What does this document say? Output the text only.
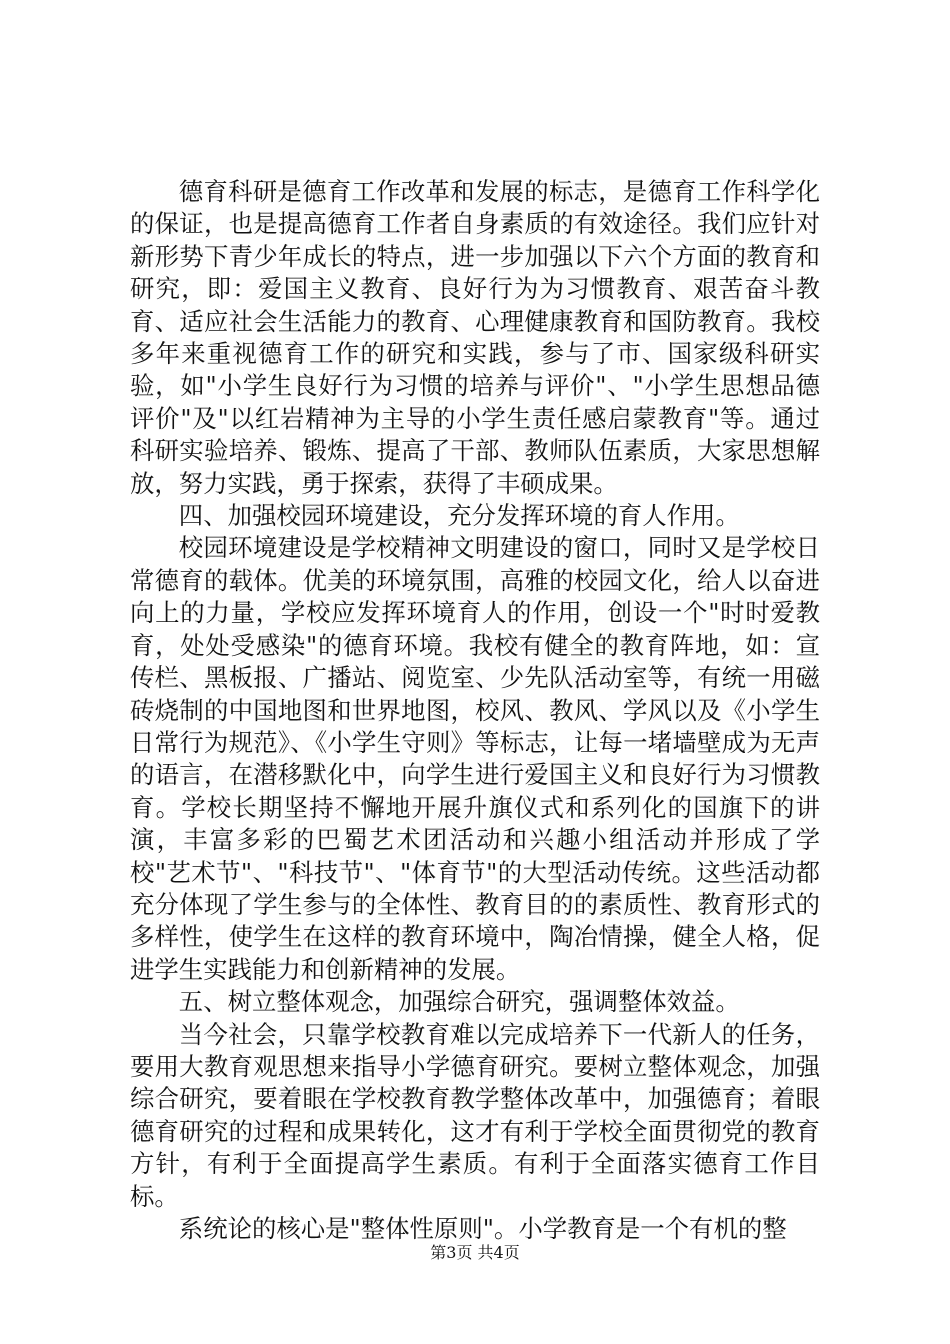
德育科研是德育工作改革和发展的标志，是德育工作科学化的保证，也是提高德育工作者自身素质的有效途径。我们应针对新形势下青少年成长的特点，进一步加强以下六个方面的教育和研究，即：爱国主义教育、良好行为为习惯教育、艰苦奋斗教育、适应社会生活能力的教育、心理健康教育和国防教育。我校多年来重视德育工作的研究和实践，参与了市、国家级科研实验，如"小学生良好行为习惯的培养与评价"、"小学生思想品德评价"及"以红岩精神为主导的小学生责任感启蒙教育"等。通过科研实验培养、锻炼、提高了干部、教师队伍素质，大家思想解放，努力实践，勇于探索，获得了丰硕成果。

四、加强校园环境建设，充分发挥环境的育人作用。

校园环境建设是学校精神文明建设的窗口，同时又是学校日常德育的载体。优美的环境氛围，高雅的校园文化，给人以奋进向上的力量，学校应发挥环境育人的作用，创设一个"时时爱教育，处处受感染"的德育环境。我校有健全的教育阵地，如：宣传栏、黑板报、广播站、阅览室、少先队活动室等，有统一用磁砖烧制的中国地图和世界地图，校风、教风、学风以及《小学生日常行为规范》、《小学生守则》等标志，让每一堵墙壁成为无声的语言，在潜移默化中，向学生进行爱国主义和良好行为习惯教育。学校长期坚持不懈地开展升旗仪式和系列化的国旗下的讲演，丰富多彩的巴蜀艺术团活动和兴趣小组活动并形成了学校"艺术节"、"科技节"、"体育节"的大型活动传统。这些活动都充分体现了学生参与的全体性、教育目的的素质性、教育形式的多样性，使学生在这样的教育环境中，陶冶情操，健全人格，促进学生实践能力和创新精神的发展。

五、树立整体观念，加强综合研究，强调整体效益。

当今社会，只靠学校教育难以完成培养下一代新人的任务，要用大教育观思想来指导小学德育研究。要树立整体观念，加强综合研究，要着眼在学校教育教学整体改革中，加强德育；着眼德育研究的过程和成果转化，这才有利于学校全面贯彻党的教育方针，有利于全面提高学生素质。有利于全面落实德育工作目标。

系统论的核心是"整体性原则"。小学教育是一个有机的整

第3页 共4页
